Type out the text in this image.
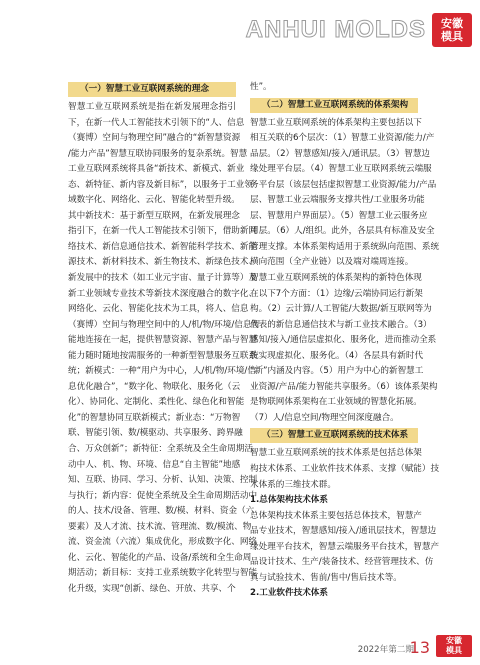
ANHUI MOLDS 安徽
模具
（一）智慧工业互联网系统的理念
智慧工业互联网系统是指在新发展理念指引
下，在新一代人工智能技术引领下的“人、信息
（赛博）空间与物理空间”融合的“新智慧资源
/能力产品”智慧互联协同服务的复杂系统。智慧
工业互联网系统将具备“新技术、新模式、新业
态、新特征、新内容及新目标”，以服务于工业领
域数字化、网络化、云化、智能化转型升级。
其中新技术：基于新型互联网，在新发展理念
指引下，在新一代人工智能技术引领下，借助新网
络技术、新信息通信技术、新智能科学技术、新能
源技术、新材料技术、新生物技术、新绿色技术、
新发展中的技术（如工业元宇宙、量子计算等）及
新工业领域专业技术等新技术深度融合的数字化、
网络化、云化、智能化技术为工具，将人、信息
（赛博）空间与物理空间中的人/机/物/环境/信息智
能地连接在一起，提供智慧资源、智慧产品与智慧
能力随时随地按需服务的一种新型智慧服务互联系
统；新模式：一种“用户为中心，人/机/物/环境/信
息优化融合”，“数字化、物联化、服务化（云
化）、协同化、定制化、柔性化、绿色化和智能
化”的智慧协同互联新模式；新业态：“万物智
联、智能引领、数/模驱动、共享服务、跨界融
合、万众创新”；新特征：全系统及全生命周期活
动中人、机、物、环境、信息“自主智能”地感
知、互联、协同、学习、分析、认知、决策、控制
与执行；新内容：促使全系统及全生命周期活动中
的人、技术/设备、管理、数/模、材料、资金（六
要素）及人才流、技术流、管理流、数/模流、物
流、资金流（六流）集成优化，形成数字化、网络
化、云化、智能化的产品、设备/系统和全生命周
期活动；新目标：支持工业系统数字化转型与智能
化升级，实现“创新、绿色、开放、共享、个
性”。
（二）智慧工业互联网系统的体系架构
智慧工业互联网系统的体系架构主要包括以下
相互关联的6个层次：（1）智慧工业资源/能力/产
品层。（2）智慧感知/接入/通讯层。（3）智慧边
缘处理平台层。（4）智慧工业互联网系统云端服
务平台层（该层包括虚拟智慧工业资源/能力/产品
层、智慧工业云端服务支撑共性/工业服务功能
层、智慧用户界面层）。（5）智慧工业云服务应
用层。（6）人/组织。此外，各层具有标准及安全
管理支撑。本体系架构适用于系统纵向范围、系统
横向范围（全产业链）以及端对端周连接。
智慧工业互联网系统的体系架构的新特色体现
在以下7个方面：（1）边缘/云端协同运行新架
构。（2）云计算/人工智能/大数据/新互联网等为
代表的新信息通信技术与新工业技术融合。（3）
感知/接入/通信层虚拟化、服务化，进而推动全系
统实现虚拟化、服务化。（4）各层具有新时代
“新”内涵及内容。（5）用户为中心的新智慧工
业资源/产品/能力智能共享服务。（6）该体系架构
是物联网体系架构在工业领域的智慧化拓展。
（7）人/信息空间/物理空间深度融合。
（三）智慧工业互联网系统的技术体系
智慧工业互联网系统的技术体系是包括总体架
构技术体系、工业软件技术体系、支撑（赋能）技
术体系的三维技术群。
1.总体架构技术体系
总体架构技术体系主要包括总体技术，智慧产
品专业技术，智慧感知/接入/通讯层技术，智慧边
缘处理平台技术，智慧云端服务平台技术，智慧产
品设计技术、生产/装备技术、经营管理技术、仿
真与试验技术、售前/售中/售后技术等。
2.工业软件技术体系
2022年第二期
13 安徽
模具
